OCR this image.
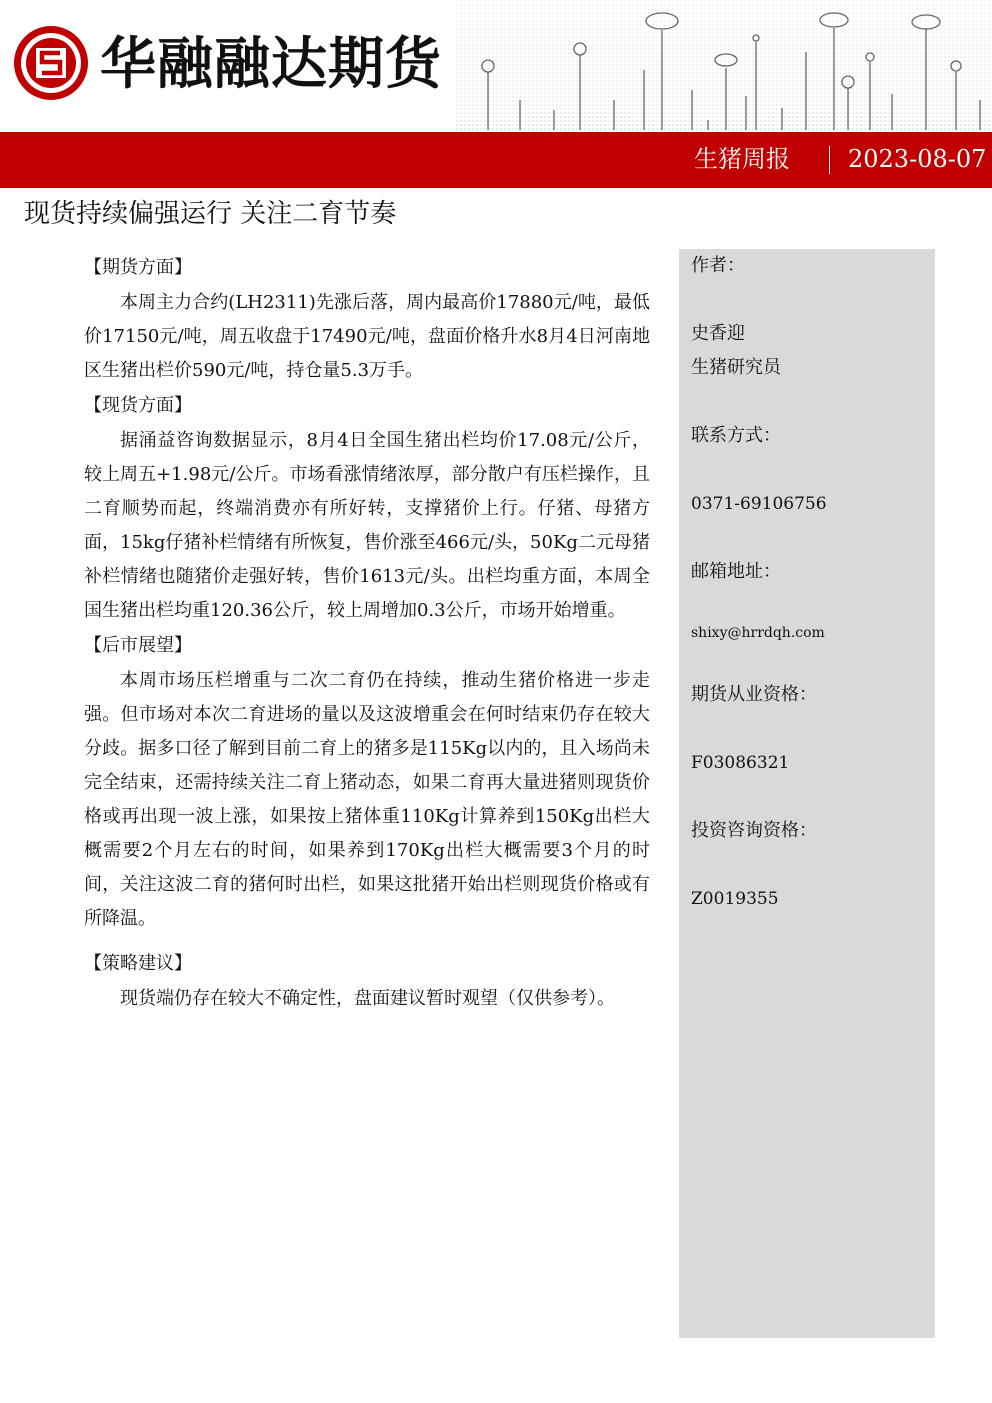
华融融达期货
生猪周报 2023-08-07
现货持续偏强运行 关注二育节奏
【期货方面】

本周主力合约(LH2311)先涨后落，周内最高价17880元/吨，最低价17150元/吨，周五收盘于17490元/吨，盘面价格升水8月4日河南地区生猪出栏价590元/吨，持仓量5.3万手。

【现货方面】

据涌益咨询数据显示，8月4日全国生猪出栏均价17.08元/公斤，较上周五+1.98元/公斤。市场看涨情绪浓厚，部分散户有压栏操作，且二育顺势而起，终端消费亦有所好转，支撑猪价上行。仔猪、母猪方面，15kg仔猪补栏情绪有所恢复，售价涨至466元/头，50Kg二元母猪补栏情绪也随猪价走强好转，售价1613元/头。出栏均重方面，本周全国生猪出栏均重120.36公斤，较上周增加0.3公斤，市场开始增重。

【后市展望】

本周市场压栏增重与二次二育仍在持续，推动生猪价格进一步走强。但市场对本次二育进场的量以及这波增重会在何时结束仍存在较大分歧。据多口径了解到目前二育上的猪多是115Kg以内的，且入场尚未完全结束，还需持续关注二育上猪动态，如果二育再大量进猪则现货价格或再出现一波上涨，如果按上猪体重110Kg计算养到150Kg出栏大概需要2个月左右的时间，如果养到170Kg出栏大概需要3个月的时间，关注这波二育的猪何时出栏，如果这批猪开始出栏则现货价格或有所降温。

【策略建议】

现货端仍存在较大不确定性，盘面建议暂时观望（仅供参考）。

作者：
史香迎
生猪研究员
联系方式：
0371-69106756
邮箱地址：
shixy@hrrdqh.com
期货从业资格：
F03086321
投资咨询资格：
Z0019355
